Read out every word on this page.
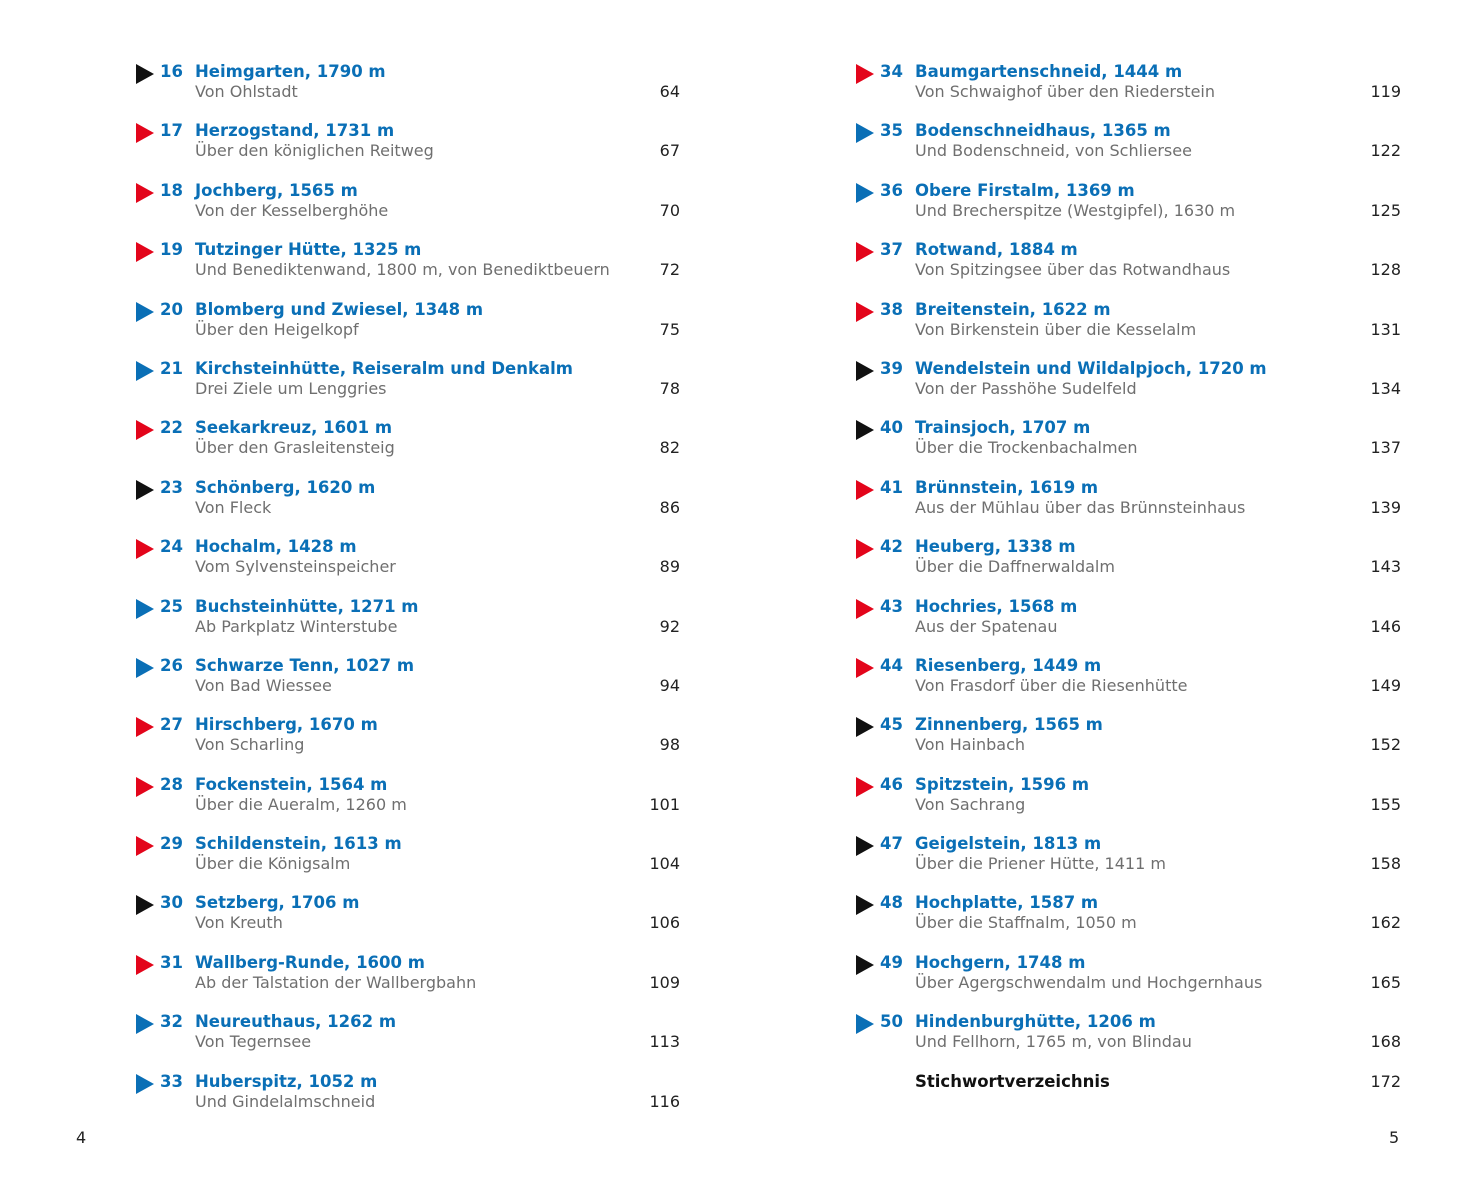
16 Heimgarten, 1790 m
Von Ohlstadt	64
17 Herzogstand, 1731 m
Über den königlichen Reitweg	67
18 Jochberg, 1565 m
Von der Kesselberghöhe	70
19 Tutzinger Hütte, 1325 m
Und Benediktenwand, 1800 m, von Benediktbeuern	72
20 Blomberg und Zwiesel, 1348 m
Über den Heigelkopf	75
21 Kirchsteinhütte, Reiseralm und Denkalm
Drei Ziele um Lenggries	78
22 Seekarkreuz, 1601 m
Über den Grasleitensteig	82
23 Schönberg, 1620 m
Von Fleck	86
24 Hochalm, 1428 m
Vom Sylvensteinspeicher	89
25 Buchsteinhütte, 1271 m
Ab Parkplatz Winterstube	92
26 Schwarze Tenn, 1027 m
Von Bad Wiessee	94
27 Hirschberg, 1670 m
Von Scharling	98
28 Fockenstein, 1564 m
Über die Aueralm, 1260 m	101
29 Schildenstein, 1613 m
Über die Königsalm	104
30 Setzberg, 1706 m
Von Kreuth	106
31 Wallberg-Runde, 1600 m
Ab der Talstation der Wallbergbahn	109
32 Neureuthaus, 1262 m
Von Tegernsee	113
33 Huberspitz, 1052 m
Und Gindelalmschneid	116
34 Baumgartenschneid, 1444 m
Von Schwaighof über den Riederstein	119
35 Bodenschneidhaus, 1365 m
Und Bodenschneid, von Schliersee	122
36 Obere Firstalm, 1369 m
Und Brecherspitze (Westgipfel), 1630 m	125
37 Rotwand, 1884 m
Von Spitzingsee über das Rotwandhaus	128
38 Breitenstein, 1622 m
Von Birkenstein über die Kesselalm	131
39 Wendelstein und Wildalpjoch, 1720 m
Von der Passhöhe Sudelfeld	134
40 Trainsjoch, 1707 m
Über die Trockenbachalmen	137
41 Brünnstein, 1619 m
Aus der Mühlau über das Brünnsteinhaus	139
42 Heuberg, 1338 m
Über die Daffnerwaldalm	143
43 Hochries, 1568 m
Aus der Spatenau	146
44 Riesenberg, 1449 m
Von Frasdorf über die Riesenhütte	149
45 Zinnenberg, 1565 m
Von Hainbach	152
46 Spitzstein, 1596 m
Von Sachrang	155
47 Geigelstein, 1813 m
Über die Priener Hütte, 1411 m	158
48 Hochplatte, 1587 m
Über die Staffnalm, 1050 m	162
49 Hochgern, 1748 m
Über Agergschwendalm und Hochgernhaus	165
50 Hindenburghütte, 1206 m
Und Fellhorn, 1765 m, von Blindau	168
Stichwortverzeichnis	172
4	5
